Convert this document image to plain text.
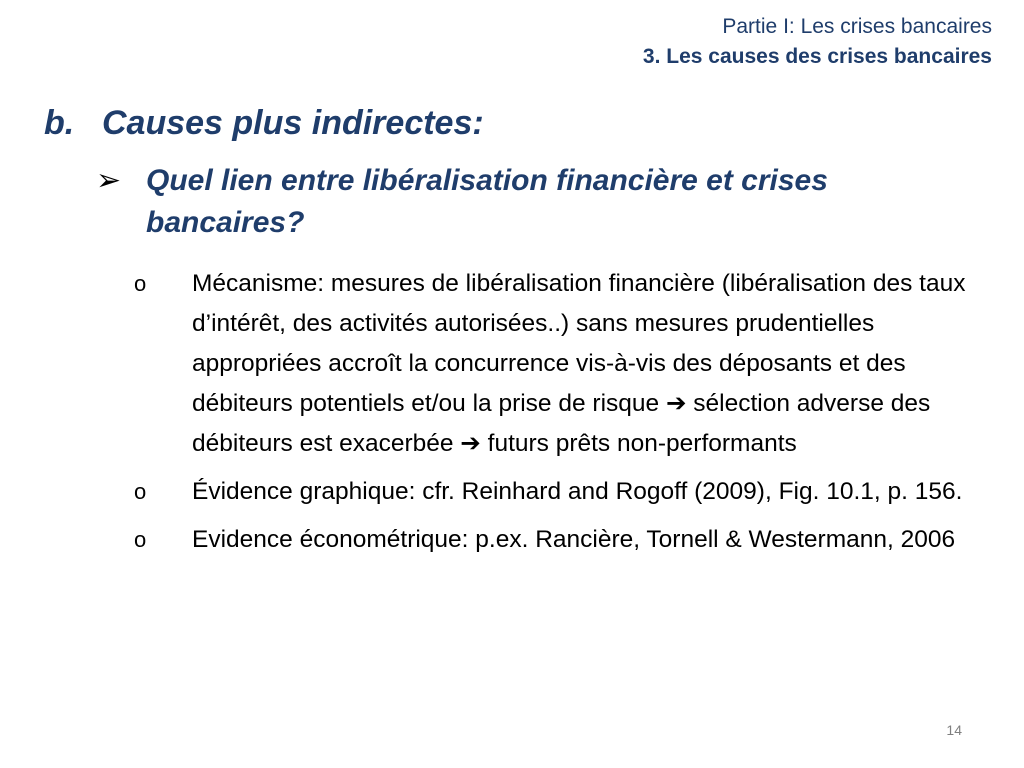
Partie I: Les crises bancaires
3. Les causes des crises bancaires
b. Causes plus indirectes:
➢ Quel lien entre libéralisation financière et crises bancaires?
o	Mécanisme: mesures de libéralisation financière (libéralisation des taux d’intérêt, des activités autorisées..) sans mesures prudentielles appropriées accroît la concurrence vis-à-vis des déposants et des débiteurs potentiels et/ou la prise de risque ➔ sélection adverse des débiteurs est exacerbée ➔ futurs prêts non-performants
o	Évidence graphique: cfr. Reinhard and Rogoff (2009), Fig. 10.1, p. 156.
o	Evidence économétrique: p.ex. Rancière, Tornell & Westermann, 2006
14
